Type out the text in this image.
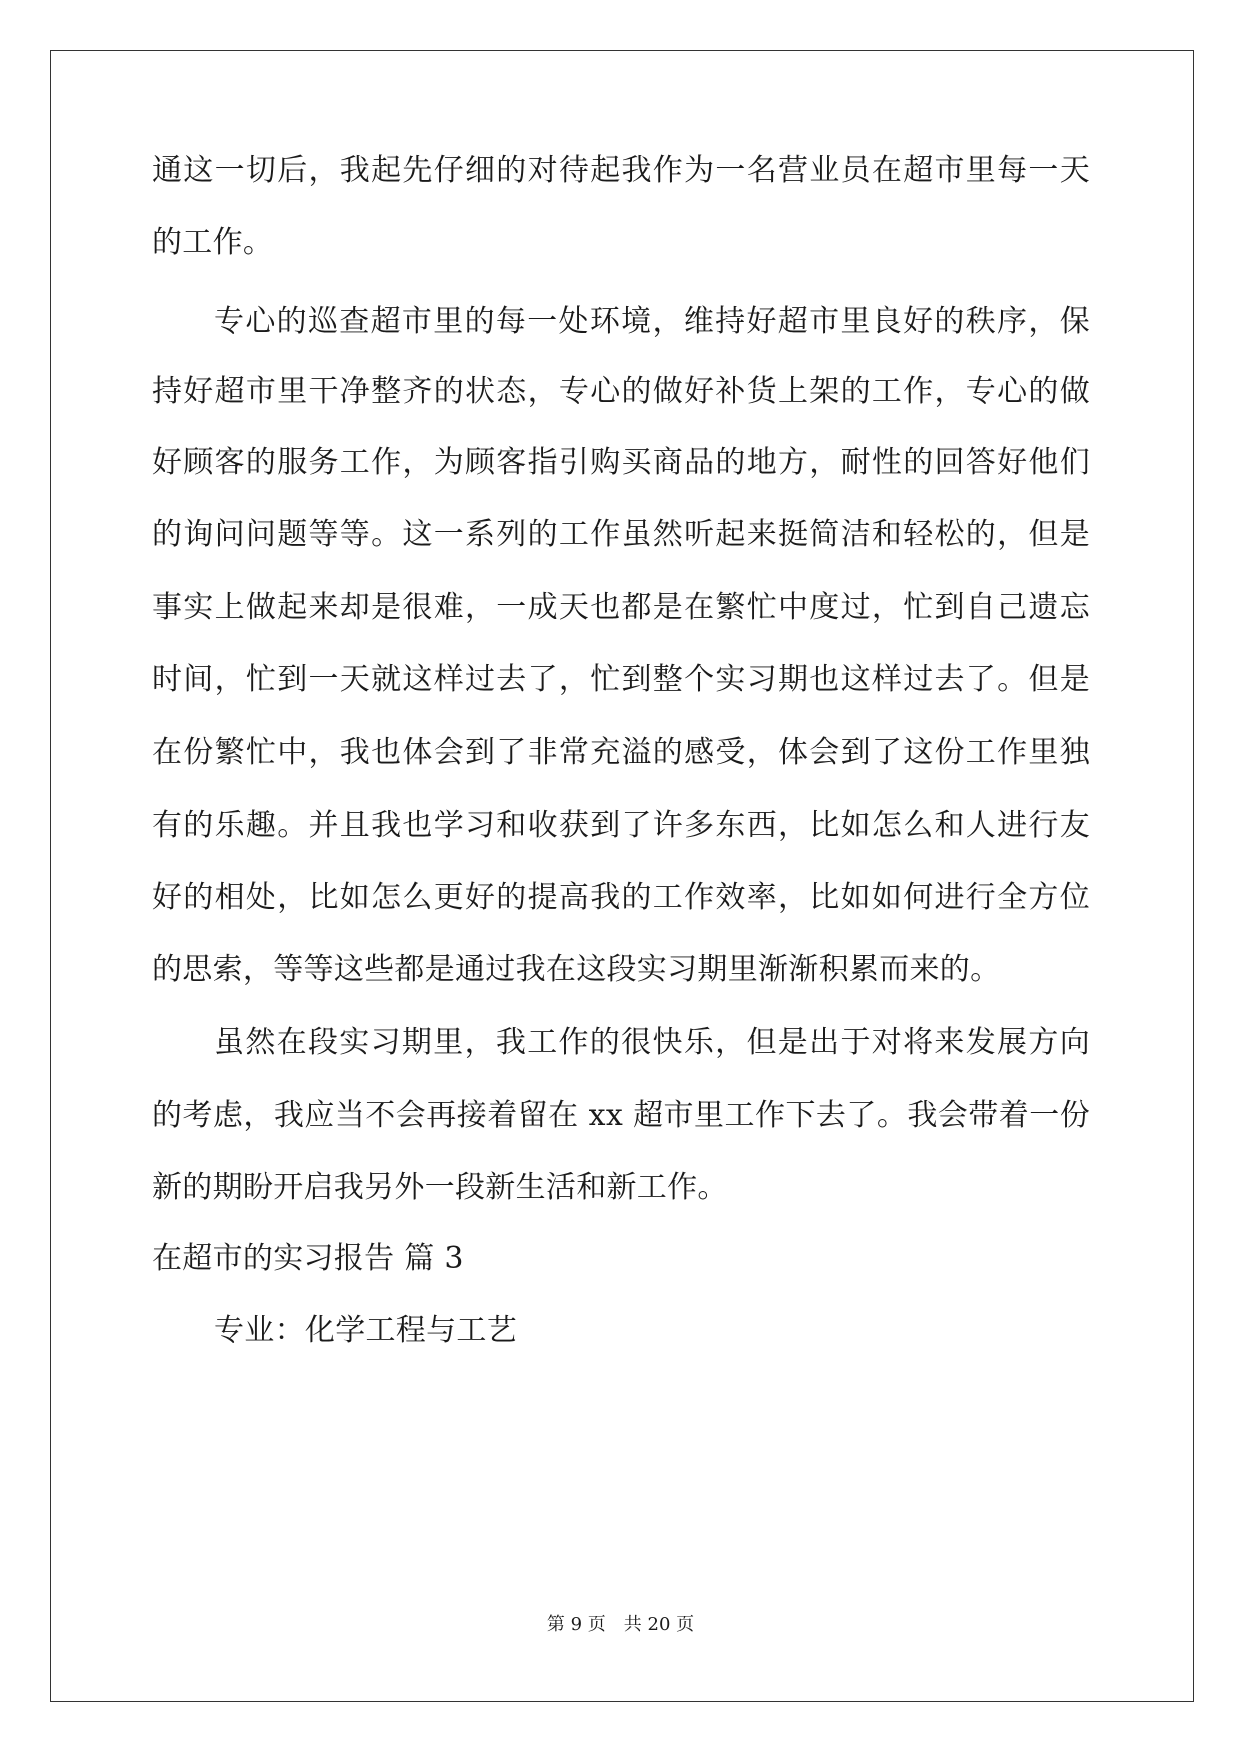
通这一切后，我起先仔细的对待起我作为一名营业员在超市里每一天
的工作。
专心的巡查超市里的每一处环境，维持好超市里良好的秩序，保
持好超市里干净整齐的状态，专心的做好补货上架的工作，专心的做
好顾客的服务工作，为顾客指引购买商品的地方，耐性的回答好他们
的询问问题等等。这一系列的工作虽然听起来挺简洁和轻松的，但是
事实上做起来却是很难，一成天也都是在繁忙中度过，忙到自己遗忘
时间，忙到一天就这样过去了，忙到整个实习期也这样过去了。但是
在份繁忙中，我也体会到了非常充溢的感受，体会到了这份工作里独
有的乐趣。并且我也学习和收获到了许多东西，比如怎么和人进行友
好的相处，比如怎么更好的提高我的工作效率，比如如何进行全方位
的思索，等等这些都是通过我在这段实习期里渐渐积累而来的。
虽然在段实习期里，我工作的很快乐，但是出于对将来发展方向
的考虑，我应当不会再接着留在 xx 超市里工作下去了。我会带着一份
新的期盼开启我另外一段新生活和新工作。
在超市的实习报告 篇 3
专业：化学工程与工艺
第 9 页 共 20 页
